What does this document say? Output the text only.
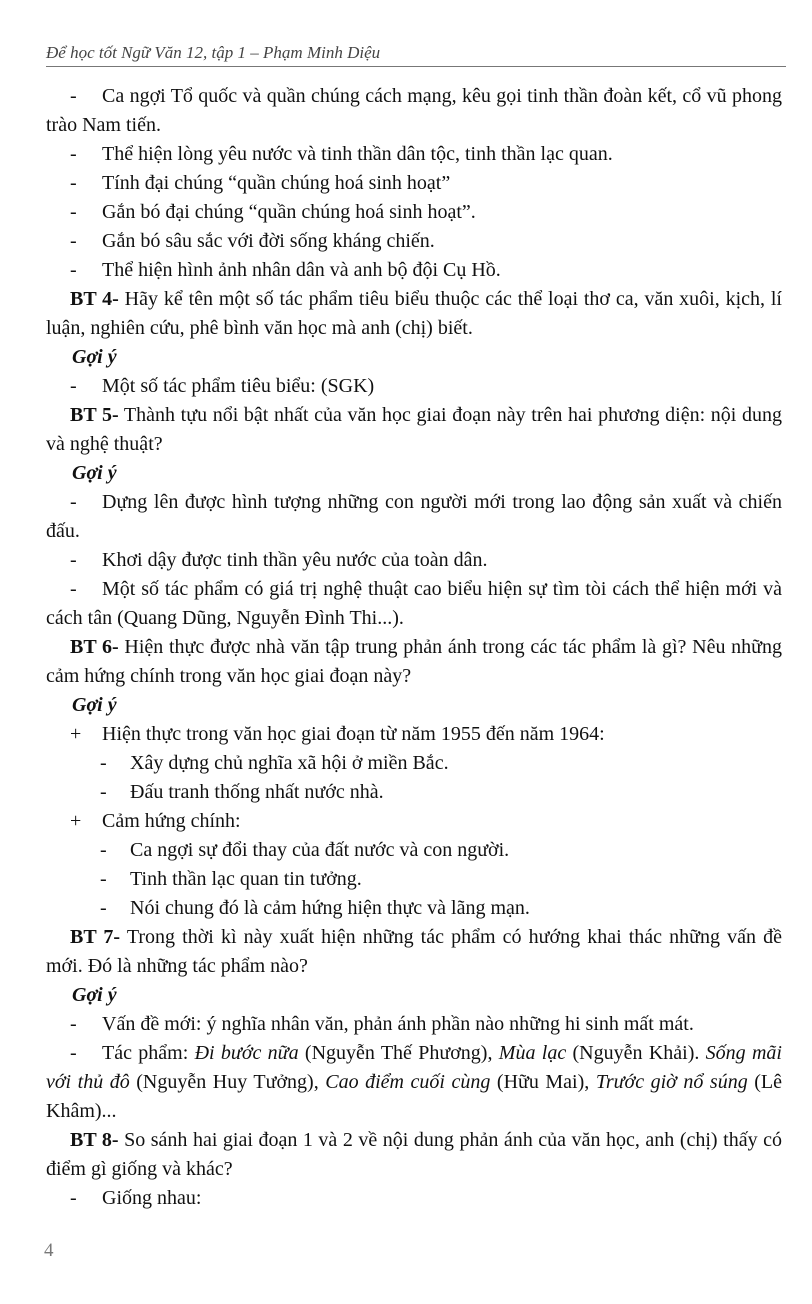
Để học tốt Ngữ Văn 12, tập 1 – Phạm Minh Diệu

- Ca ngợi Tổ quốc và quần chúng cách mạng, kêu gọi tinh thần đoàn kết, cổ vũ phong trào Nam tiến.

- Thể hiện lòng yêu nước và tinh thần dân tộc, tinh thần lạc quan.

- Tính đại chúng “quần chúng hoá sinh hoạt”

- Gắn bó đại chúng “quần chúng hoá sinh hoạt”.

- Gắn bó sâu sắc với đời sống kháng chiến.

- Thể hiện hình ảnh nhân dân và anh bộ đội Cụ Hồ.

BT 4- Hãy kể tên một số tác phẩm tiêu biểu thuộc các thể loại thơ ca, văn xuôi, kịch, lí luận, nghiên cứu, phê bình văn học mà anh (chị) biết.

Gợi ý

- Một số tác phẩm tiêu biểu: (SGK)

BT 5- Thành tựu nổi bật nhất của văn học giai đoạn này trên hai phương diện: nội dung và nghệ thuật?

Gợi ý

- Dựng lên được hình tượng những con người mới trong lao động sản xuất và chiến đấu.

- Khơi dậy được tinh thần yêu nước của toàn dân.

- Một số tác phẩm có giá trị nghệ thuật cao biểu hiện sự tìm tòi cách thể hiện mới và cách tân (Quang Dũng, Nguyễn Đình Thi...).

BT 6- Hiện thực được nhà văn tập trung phản ánh trong các tác phẩm là gì? Nêu những cảm hứng chính trong văn học giai đoạn này?

Gợi ý

+ Hiện thực trong văn học giai đoạn từ năm 1955 đến năm 1964:

- Xây dựng chủ nghĩa xã hội ở miền Bắc.

- Đấu tranh thống nhất nước nhà.

+ Cảm hứng chính:

- Ca ngợi sự đổi thay của đất nước và con người.

- Tinh thần lạc quan tin tưởng.

- Nói chung đó là cảm hứng hiện thực và lãng mạn.

BT 7- Trong thời kì này xuất hiện những tác phẩm có hướng khai thác những vấn đề mới. Đó là những tác phẩm nào?

Gợi ý

- Vấn đề mới: ý nghĩa nhân văn, phản ánh phần nào những hi sinh mất mát.

- Tác phẩm: Đi bước nữa (Nguyễn Thế Phương), Mùa lạc (Nguyễn Khải). Sống mãi với thủ đô (Nguyễn Huy Tưởng), Cao điểm cuối cùng (Hữu Mai), Trước giờ nổ súng (Lê Khâm)...

BT 8- So sánh hai giai đoạn 1 và 2 về nội dung phản ánh của văn học, anh (chị) thấy có điểm gì giống và khác?

- Giống nhau:

4
